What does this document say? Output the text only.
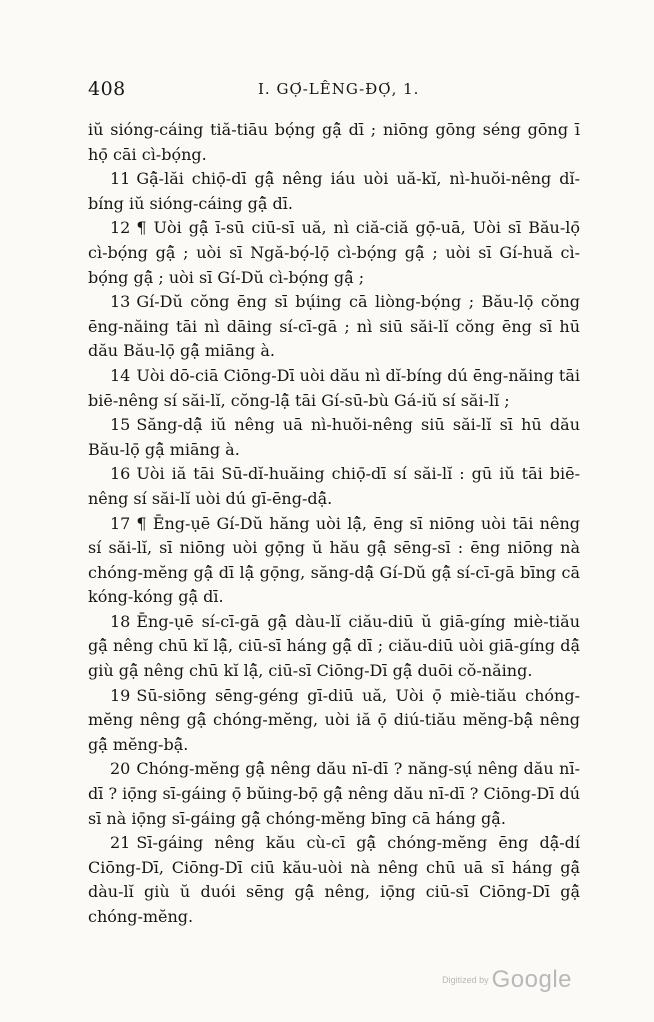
408	I. GỌ́-LÊNG-ĐỌ́, 1.

iŭ sióng-cáing tiă-tiāu bọ́ng gậ̄ dī ; niōng gōng séng gōng ī họ̄ cāi cì-bọ́ng.

11 Gậ̄-lăi chiọ̄-dī gậ̄ nêng iáu uòi uă-kĭ, nì-huŏi-nêng dĭ-bíng iŭ sióng-cáing gậ̄ dī.

12 ¶ Uòi gậ̄ ī-sū ciū-sī uă, nì ciă-ciă gọ̄-uā, Uòi sī Bău-lọ̄ cì-bọ́ng gậ̄ ; uòi sī Ngă-bọ́-lọ̄ cì-bọ́ng gậ̄ ; uòi sī Gí-huă cì-bọ́ng gậ̄ ; uòi sī Gí-Dŭ cì-bọ́ng gậ̄ ;

13 Gí-Dŭ cŏng ēng sī bụ́ing cā liòng-bọ́ng ; Bău-lọ̄ cŏng ēng-năing tāi nì dāing sí-cī-gā ; nì siū săi-lĭ cŏng ēng sī hū dău Bău-lọ̄ gậ̄ miāng à.

14 Uòi dō-ciā Ciōng-Dī uòi dău nì dĭ-bíng dú ēng-năing tāi biē-nêng sí săi-lĭ, cŏng-lậ̄ tāi Gí-sū-bù Gá-iŭ sí săi-lĭ ;

15 Săng-dậ̄ iŭ nêng uā nì-huŏi-nêng siū săi-lĭ sī hū dău Bău-lọ̄ gậ̄ miāng à.

16 Uòi iă tāi Sū-dĭ-huăing chiọ̄-dī sí săi-lĭ : gū iŭ tāi biē-nêng sí săi-lĭ uòi dú gī-ēng-dậ̄.

17 ¶ Ēng-ụē Gí-Dŭ hăng uòi lậ̄, ēng sī niōng uòi tāi nêng sí săi-lĭ, sī niōng uòi gọ̄ng ŭ hău gậ̄ sēng-sī : ēng niōng nà chóng-mĕng gậ̄ dī lậ̄ gọ̄ng, săng-dậ̄ Gí-Dŭ gậ̄ sí-cī-gā bīng cā kóng-kóng gậ̄ dī.

18 Ēng-ụē sí-cī-gā gậ̄ dàu-lĭ ciău-diū ŭ giā-gíng miè-tiău gậ̄ nêng chū kĭ lậ̄, ciū-sī háng gậ̄ dī ; ciău-diū uòi giā-gíng dậ̄ giù gậ̄ nêng chū kĭ lậ̄, ciū-sī Ciōng-Dī gậ̄ duōi cŏ-năing.

19 Sū-siōng sēng-géng gī-diū uă, Uòi ọ̄ miè-tiău chóng-mĕng nêng gậ̄ chóng-mĕng, uòi iă ọ̄ diú-tiău mĕng-bậ̄ nêng gậ̄ mĕng-bậ̄.

20 Chóng-mĕng gậ̄ nêng dău nī-dī ? năng-sụ́ nêng dău nī-dī ? iọ̄ng sī-gáing ọ̄ bŭing-bọ̄ gậ̄ nêng dău nī-dī ? Ciōng-Dī dú sī nà iọ̄ng sī-gáing gậ̄ chóng-mĕng bīng cā háng gậ̄.

21 Sī-gáing nêng kău cù-cī gậ̄ chóng-mĕng ēng dậ̄-dí Ciōng-Dī, Ciōng-Dī ciū kău-uòi nà nêng chū uā sī háng gậ̄ dàu-lĭ giù ŭ duói sēng gậ̄ nêng, iọ̄ng ciū-sī Ciōng-Dī gậ̄ chóng-mĕng.

Digitized by Google
